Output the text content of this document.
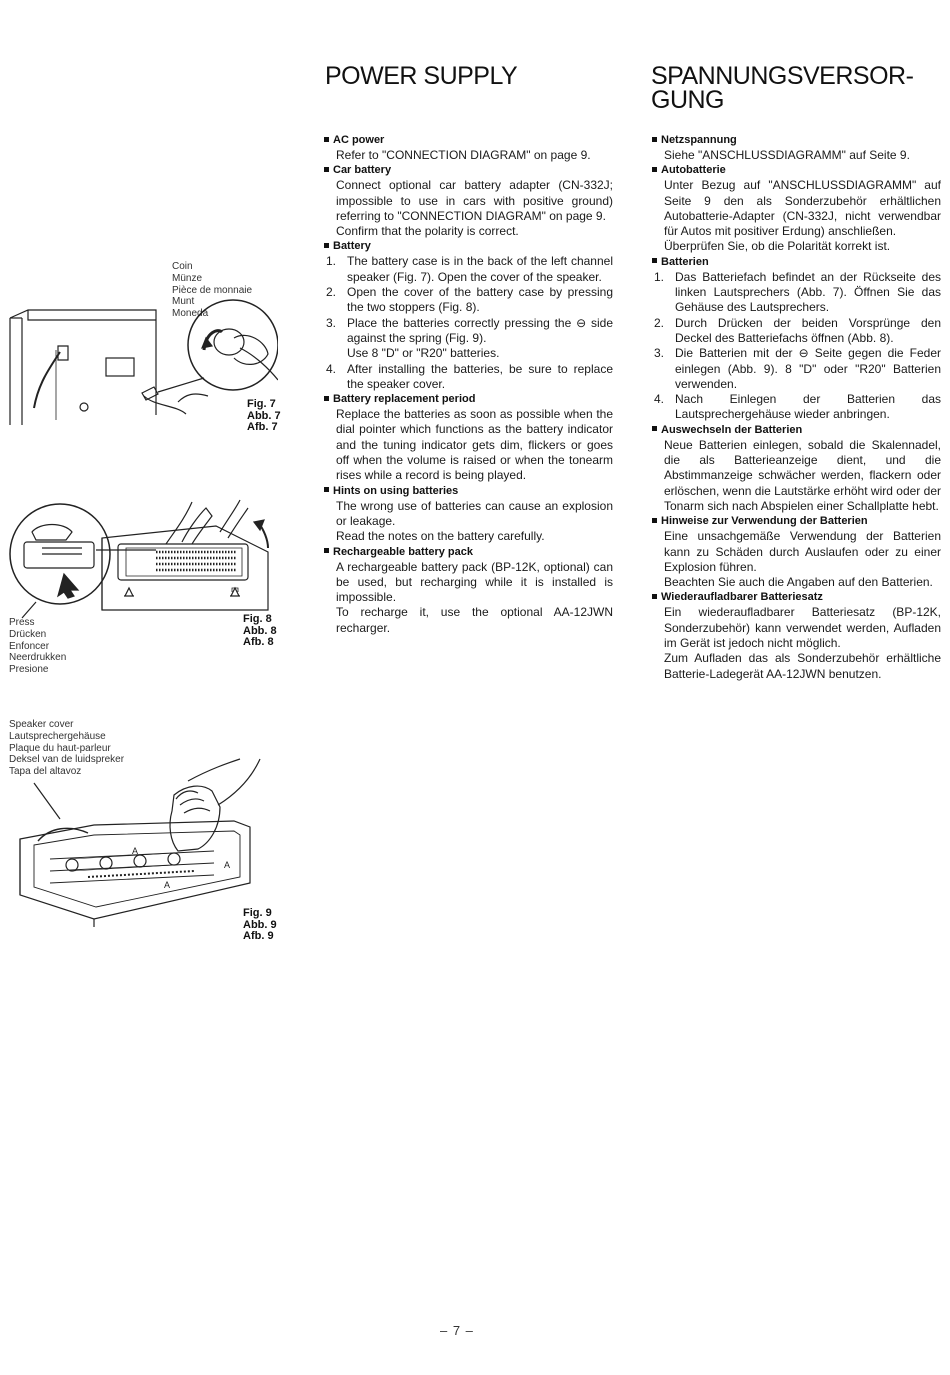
POWER SUPPLY	SPANNUNGSVERSOR-
GUNG
Coin
Münze
Pièce de monnaie
Munt
Moneda
Fig. 7
Abb. 7
Afb. 7
Press
Drücken
Enfoncer
Neerdrukken
Presione
Fig. 8
Abb. 8
Afb. 8
Speaker cover
Lautsprechergehäuse
Plaque du haut-parleur
Deksel van de luidspreker
Tapa del altavoz
A
A
A
Fig. 9
Abb. 9
Afb. 9
AC power
Refer to "CONNECTION DIAGRAM" on page 9.
Car battery
Connect optional car battery adapter (CN-332J; impossible to use in cars with positive ground) referring to "CONNECTION DIAGRAM" on page 9.
Confirm that the polarity is correct.
Battery
1. The battery case is in the back of the left channel speaker (Fig. 7). Open the cover of the speaker.
2. Open the cover of the battery case by pressing the two stoppers (Fig. 8).
3. Place the batteries correctly pressing the ⊖ side against the spring (Fig. 9).
Use 8 "D" or "R20" batteries.
4. After installing the batteries, be sure to replace the speaker cover.
Battery replacement period
Replace the batteries as soon as possible when the dial pointer which functions as the battery indicator and the tuning indicator gets dim, flickers or goes off when the volume is raised or when the tonearm rises while a record is being played.
Hints on using batteries
The wrong use of batteries can cause an explosion or leakage.
Read the notes on the battery carefully.
Rechargeable battery pack
A rechargeable battery pack (BP-12K, optional) can be used, but recharging while it is installed is impossible.
To recharge it, use the optional AA-12JWN recharger.
Netzspannung
Siehe "ANSCHLUSSDIAGRAMM" auf Seite 9.
Autobatterie
Unter Bezug auf "ANSCHLUSSDIAGRAMM" auf Seite 9 den als Sonderzubehör erhältlichen Autobatterie-Adapter (CN-332J, nicht verwendbar für Autos mit positiver Erdung) anschließen.
Überprüfen Sie, ob die Polarität korrekt ist.
Batterien
1. Das Batteriefach befindet an der Rückseite des linken Lautsprechers (Abb. 7). Öffnen Sie das Gehäuse des Lautsprechers.
2. Durch Drücken der beiden Vorsprünge den Deckel des Batteriefachs öffnen (Abb. 8).
3. Die Batterien mit der ⊖ Seite gegen die Feder einlegen (Abb. 9). 8 "D" oder "R20" Batterien verwenden.
4. Nach Einlegen der Batterien das Lautsprechergehäuse wieder anbringen.
Auswechseln der Batterien
Neue Batterien einlegen, sobald die Skalennadel, die als Batterieanzeige dient, und die Abstimmanzeige schwächer werden, flackern oder erlöschen, wenn die Lautstärke erhöht wird oder der Tonarm sich nach Abspielen einer Schallplatte hebt.
Hinweise zur Verwendung der Batterien
Eine unsachgemäße Verwendung der Batterien kann zu Schäden durch Auslaufen oder zu einer Explosion führen.
Beachten Sie auch die Angaben auf den Batterien.
Wiederaufladbarer Batteriesatz
Ein wiederaufladbarer Batteriesatz (BP-12K, Sonderzubehör) kann verwendet werden, Aufladen im Gerät ist jedoch nicht möglich.
Zum Aufladen das als Sonderzubehör erhältliche Batterie-Ladegerät AA-12JWN benutzen.
– 7 –
